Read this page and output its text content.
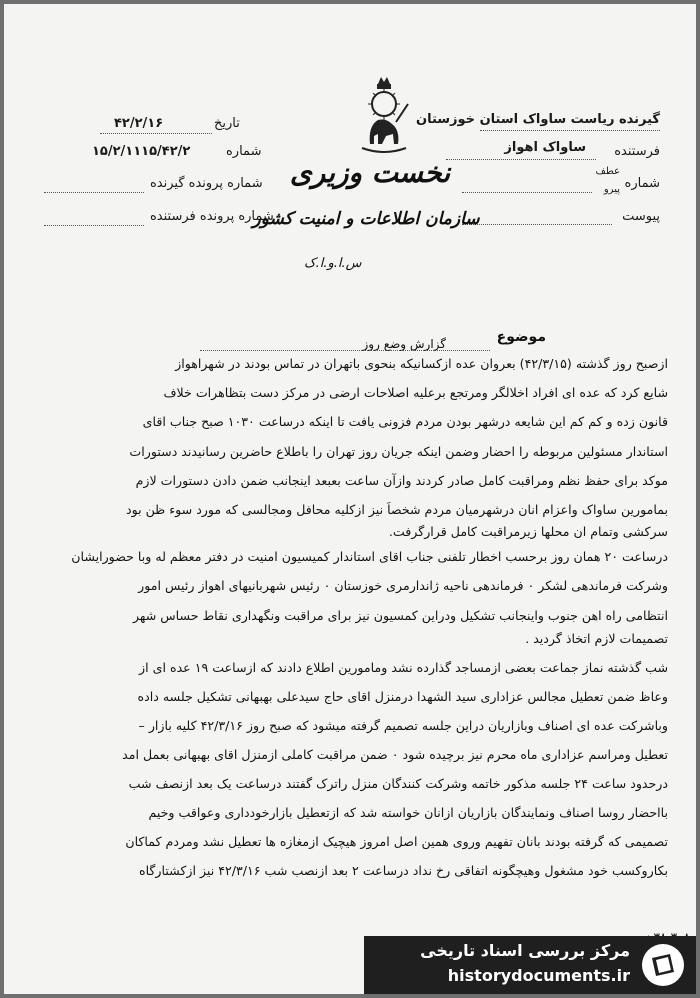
گیرنده ریاست ساواک استان خوزستان
فرستنده
ساواک اهواز
شماره
عطف
پیرو
پیوست
تاریخ
۴۲/۲/۱۶
شماره
۱۵/۲/۱۱۱۵/۴۲/۲
شماره پرونده گیرنده
شماره پرونده فرستنده
نخست وزیری
سازمان اطلاعات و امنیت کشور
س.ا.و.ا.ک
موضوع
گزارش وضع روز
ازصبح روز گذشته (۴۲/۳/۱۵) بعروان عده ازکسانیکه بنحوی باتهران در تماس بودند در شهراهواز
شایع کرد که عده ای افراد اخلالگر ومرتجع برعلیه اصلاحات ارضی در مرکز دست بتظاهرات خلاف
قانون زده و کم کم این شایعه درشهر بودن مردم فزونی یافت تا اینکه درساعت ۱۰۳۰ صبح جناب اقای
استاندار مسئولین مربوطه را احضار وضمن اینکه جریان روز تهران را باطلاع حاضرین رسانیدند دستورات
موکد برای حفظ نظم ومراقبت کامل صادر کردند وازآن ساعت بعبعد اینجانب ضمن دادن دستورات لازم
بمامورین ساواک واعزام انان درشهرمیان مردم شخصاً نیز ازکلیه محافل ومجالسی که مورد سوء ظن بود
سرکشی وتمام ان محلها زیرمراقبت کامل قرارگرفت.
درساعت ۲۰ همان روز برحسب اخطار تلفنی جناب اقای استاندار کمیسیون امنیت در دفتر معظم له وبا حضورایشان
وشرکت فرماندهی لشکر ۰ فرماندهی ناحیه ژاندارمری خوزستان ۰ رئیس شهربانیهای اهواز رئیس امور
انتظامی راه اهن جنوب واینجانب تشکیل ودراین کمسیون نیز برای مراقبت ونگهداری نقاط حساس شهر
تصمیمات لازم اتخاذ گردید .
شب گذشته نماز جماعت بعضی ازمساجد گذارده نشد ومامورین اطلاع دادند که ازساعت ۱۹ عده ای از
وعاظ ضمن تعطیل مجالس عزاداری سید الشهدا درمنزل اقای حاج سیدعلی بهبهانی تشکیل جلسه داده
وباشرکت عده ای اصناف وبازاریان دراین جلسه تصمیم گرفته میشود که صبح روز ۴۲/۳/۱۶ کلیه بازار –
تعطیل ومراسم عزاداری ماه محرم نیز برچیده شود ۰ ضمن مراقبت کاملی ازمنزل اقای بهبهانی بعمل امد
درحدود ساعت ۲۴ جلسه مذکور خاتمه وشرکت کنندگان منزل راترک گفتند درساعت یک بعد ازنصف شب
بااحضار روسا اصناف ونمایندگان بازاریان ازانان خواسته شد که ازتعطیل بازارخودداری وعواقب وخیم
تصمیمی که گرفته بودند بانان تفهیم وروی همین اصل امروز هیچیک ازمغازه ها تعطیل نشد ومردم کماکان
بکاروکسب خود مشغول وهیچگونه اتفاقی رخ نداد درساعت ۲ بعد ازنصب شب ۴۲/۳/۱۶ نیز ازکشتارگاه
مرکز بررسی اسناد تاریخی
historydocuments.ir
